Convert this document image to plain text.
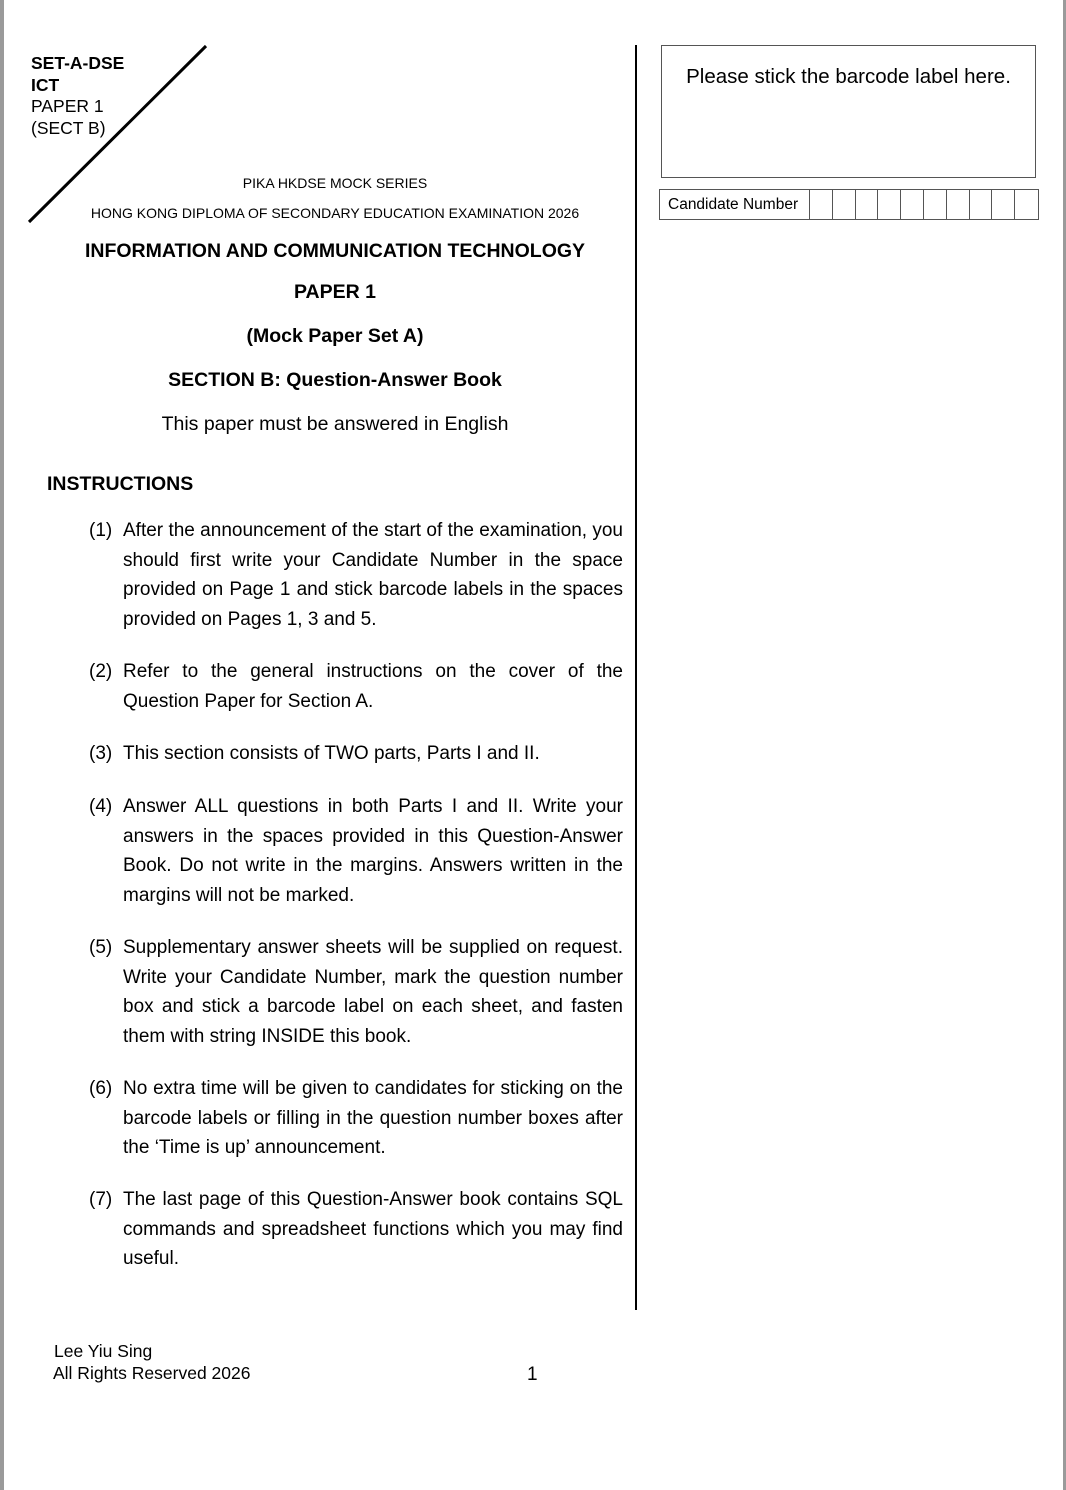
SET-A-DSE
ICT
PAPER 1
(SECT B)
PIKA HKDSE MOCK SERIES
HONG KONG DIPLOMA OF SECONDARY EDUCATION EXAMINATION 2026
INFORMATION AND COMMUNICATION TECHNOLOGY
PAPER 1
(Mock Paper Set A)
SECTION B: Question-Answer Book
This paper must be answered in English
INSTRUCTIONS
(1) After the announcement of the start of the examination, you should first write your Candidate Number in the space provided on Page 1 and stick barcode labels in the spaces provided on Pages 1, 3 and 5.
(2) Refer to the general instructions on the cover of the Question Paper for Section A.
(3) This section consists of TWO parts, Parts I and II.
(4) Answer ALL questions in both Parts I and II. Write your answers in the spaces provided in this Question-Answer Book. Do not write in the margins. Answers written in the margins will not be marked.
(5) Supplementary answer sheets will be supplied on request. Write your Candidate Number, mark the question number box and stick a barcode label on each sheet, and fasten them with string INSIDE this book.
(6) No extra time will be given to candidates for sticking on the barcode labels or filling in the question number boxes after the ‘Time is up’ announcement.
(7) The last page of this Question-Answer book contains SQL commands and spreadsheet functions which you may find useful.
Please stick the barcode label here.
Candidate Number
Lee Yiu Sing
All Rights Reserved 2026	1
